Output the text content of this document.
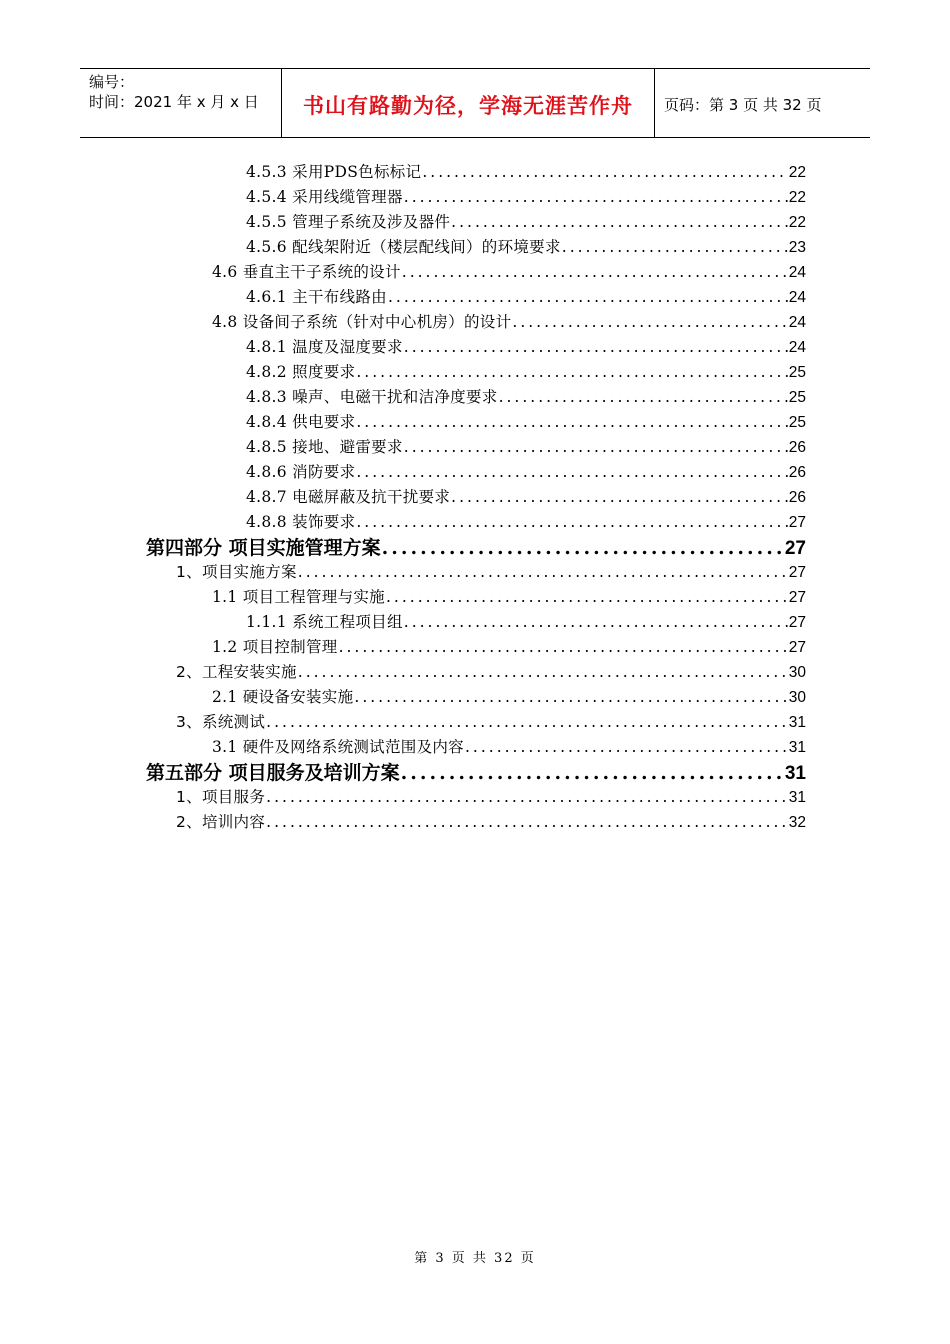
编号：
时间：2021 年 x 月 x 日 书山有路勤为径，学海无涯苦作舟 页码：第 3 页 共 32 页
4.5.3 采用PDS色标标记 .....	22
4.5.4 采用线缆管理器 .....	22
4.5.5 管理子系统及涉及器件 .....	22
4.5.6 配线架附近（楼层配线间）的环境要求 .....	23
4.6 垂直主干子系统的设计 .....	24
4.6.1 主干布线路由 .....	24
4.8 设备间子系统（针对中心机房）的设计 .....	24
4.8.1 温度及湿度要求 .....	24
4.8.2 照度要求 .....	25
4.8.3 噪声、电磁干扰和洁净度要求 .....	25
4.8.4 供电要求 .....	25
4.8.5 接地、避雷要求 .....	26
4.8.6 消防要求 .....	26
4.8.7 电磁屏蔽及抗干扰要求 .....	26
4.8.8 装饰要求 .....	27
第四部分 项目实施管理方案 .....	27
1、项目实施方案 .....	27
1.1 项目工程管理与实施 .....	27
1.1.1 系统工程项目组 .....	27
1.2 项目控制管理 .....	27
2、工程安装实施 .....	30
2.1 硬设备安装实施 .....	30
3、系统测试 .....	31
3.1 硬件及网络系统测试范围及内容 .....	31
第五部分 项目服务及培训方案 .....	31
1、项目服务 .....	31
2、培训内容 .....	32
第 3 页 共 32 页
